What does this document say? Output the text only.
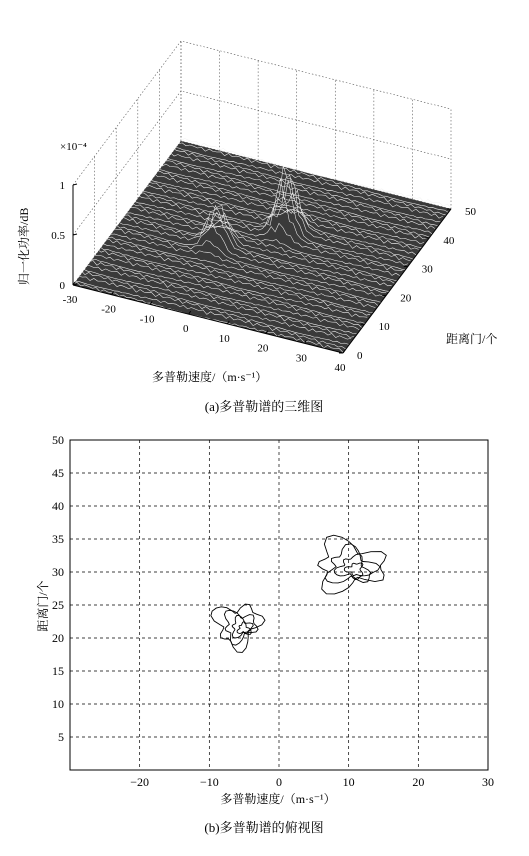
-30
-20
-10
0
10
20
30
40
0
10
20
30
40
50
0
0.5
1
×10⁻⁴
归一化功率/dB
多普勒速度/（m·s⁻¹）
距离门/个
(a)多普勒谱的三维图
−20	−10	0	10	20	30
5
10
15
20
25
30
35
40
45
50
多普勒速度/（m·s⁻¹）
距离门/个
(b)多普勒谱的俯视图
